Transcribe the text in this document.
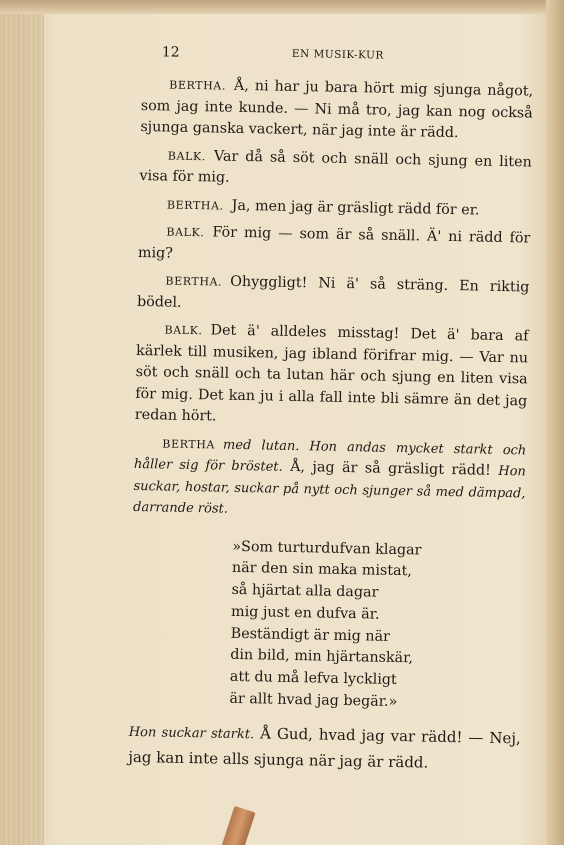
12	EN MUSIK-KUR

BERTHA. Å, ni har ju bara hört mig sjunga något, som jag inte kunde. — Ni må tro, jag kan nog också sjunga ganska vackert, när jag inte är rädd.

BALK. Var då så söt och snäll och sjung en liten visa för mig.

BERTHA. Ja, men jag är gräsligt rädd för er.

BALK. För mig — som är så snäll. Ä' ni rädd för mig?

BERTHA. Ohyggligt! Ni ä' så sträng. En riktig bödel.

BALK. Det ä' alldeles misstag! Det ä' bara af kärlek till musiken, jag ibland förifrar mig. — Var nu söt och snäll och ta lutan här och sjung en liten visa för mig. Det kan ju i alla fall inte bli sämre än det jag redan hört.

BERTHA med lutan. Hon andas mycket starkt och håller sig för bröstet. Å, jag är så gräsligt rädd! Hon suckar, hostar, suckar på nytt och sjunger så med dämpad, darrande röst.

»Som turturdufvan klagar
när den sin maka mistat,
så hjärtat alla dagar
mig just en dufva är.
Beständigt är mig när
din bild, min hjärtanskär,
att du må lefva lyckligt
är allt hvad jag begär.»

Hon suckar starkt. Å Gud, hvad jag var rädd! — Nej, jag kan inte alls sjunga när jag är rädd.
